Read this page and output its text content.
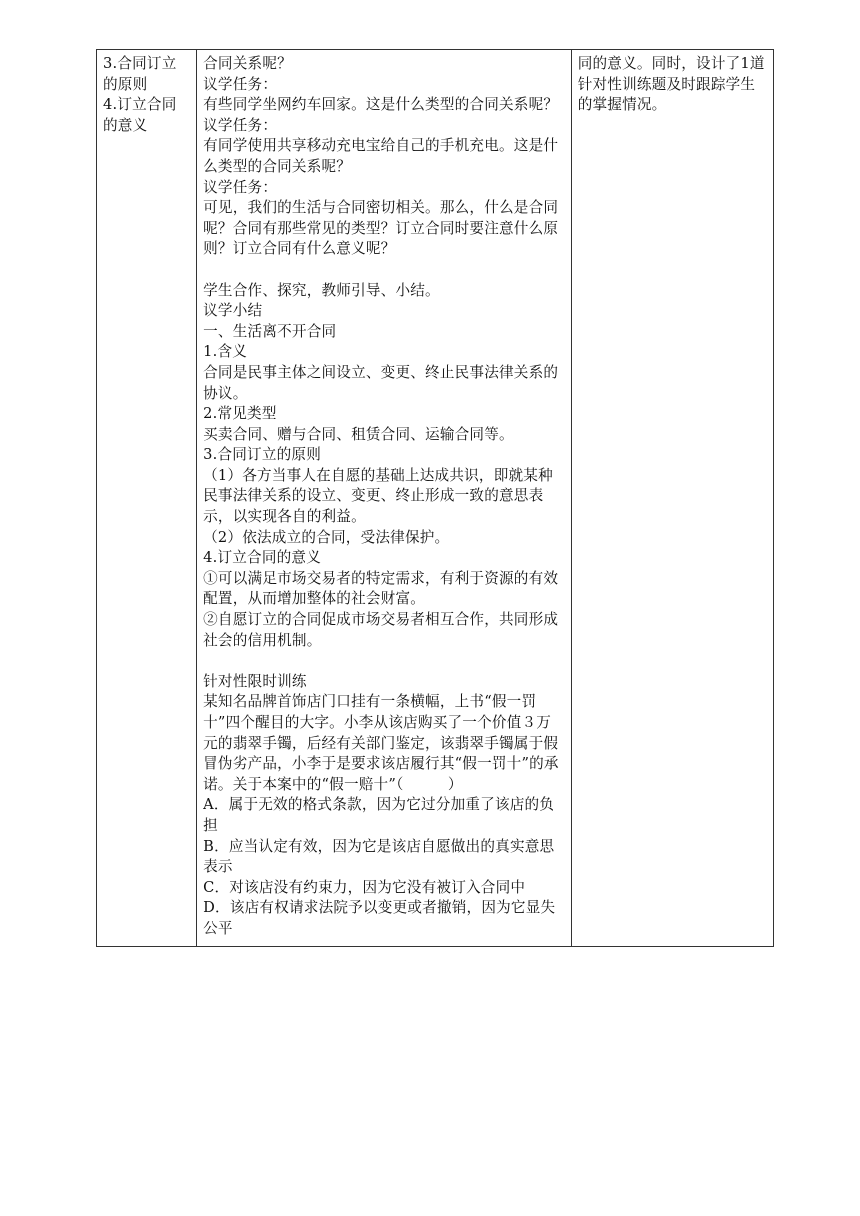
3.合同订立的原则
4.订立合同的意义

合同关系呢？
议学任务：
有些同学坐网约车回家。这是什么类型的合同关系呢？
议学任务：
有同学使用共享移动充电宝给自己的手机充电。这是什么类型的合同关系呢？
议学任务：
可见，我们的生活与合同密切相关。那么，什么是合同呢？合同有那些常见的类型？订立合同时要注意什么原则？订立合同有什么意义呢？
学生合作、探究，教师引导、小结。
议学小结
一、生活离不开合同
1.含义
合同是民事主体之间设立、变更、终止民事法律关系的协议。
2.常见类型
买卖合同、赠与合同、租赁合同、运输合同等。
3.合同订立的原则
（1）各方当事人在自愿的基础上达成共识，即就某种民事法律关系的设立、变更、终止形成一致的意思表示，以实现各自的利益。
（2）依法成立的合同，受法律保护。
4.订立合同的意义
①可以满足市场交易者的特定需求，有利于资源的有效配置，从而增加整体的社会财富。
②自愿订立的合同促成市场交易者相互合作，共同形成社会的信用机制。
针对性限时训练
某知名品牌首饰店门口挂有一条横幅，上书“假一罚十”四个醒目的大字。小李从该店购买了一个价值３万元的翡翠手镯，后经有关部门鉴定，该翡翠手镯属于假冒伪劣产品，小李于是要求该店履行其“假一罚十”的承诺。关于本案中的“假一赔十”（　　　）
A．属于无效的格式条款，因为它过分加重了该店的负担
B．应当认定有效，因为它是该店自愿做出的真实意思表示
C．对该店没有约束力，因为它没有被订入合同中
D．该店有权请求法院予以变更或者撤销，因为它显失公平

同的意义。同时，设计了1道针对性训练题及时跟踪学生的掌握情况。
